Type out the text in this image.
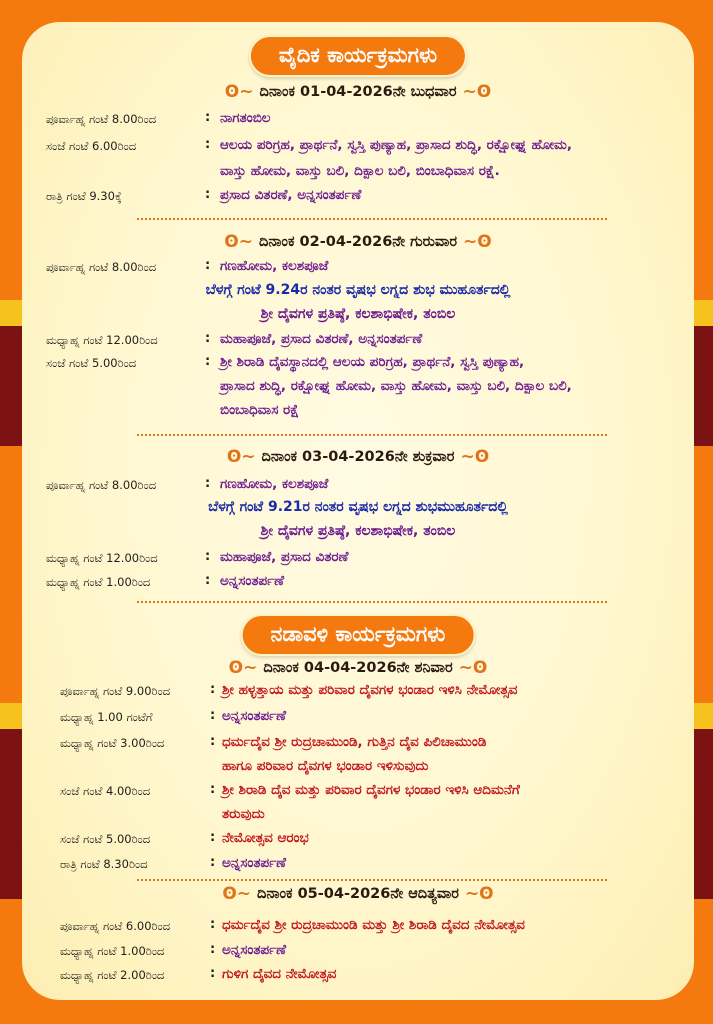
ವೈದಿಕ ಕಾರ್ಯಕ್ರಮಗಳು
ʘ~ ದಿನಾಂಕ 01-04-2026ನೇ ಬುಧವಾರ ~ʘ
ಪೂರ್ವಾಹ್ನ ಗಂಟೆ 8.00ರಿಂದ	: ನಾಗತಂಬಿಲ
ಸಂಜೆ ಗಂಟೆ 6.00ರಿಂದ	: ಆಲಯ ಪರಿಗ್ರಹ, ಪ್ರಾರ್ಥನೆ, ಸ್ವಸ್ತಿ ಪುಣ್ಯಾಹ, ಪ್ರಾಸಾದ ಶುದ್ಧಿ, ರಕ್ಷೋಘ್ನ ಹೋಮ,
ವಾಸ್ತು ಹೋಮ, ವಾಸ್ತು ಬಲಿ, ದಿಕ್ಪಾಲ ಬಲಿ, ಬಿಂಬಾಧಿವಾಸ ರಕ್ಷೆ.
ರಾತ್ರಿ ಗಂಟೆ 9.30ಕ್ಕೆ	: ಪ್ರಸಾದ ವಿತರಣೆ, ಅನ್ನಸಂತರ್ಪಣೆ
ʘ~ ದಿನಾಂಕ 02-04-2026ನೇ ಗುರುವಾರ ~ʘ
ಪೂರ್ವಾಹ್ನ ಗಂಟೆ 8.00ರಿಂದ	: ಗಣಹೋಮ, ಕಲಶಪೂಜೆ
ಬೆಳಗ್ಗೆ ಗಂಟೆ 9.24ರ ನಂತರ ವೃಷಭ ಲಗ್ನದ ಶುಭ ಮುಹೂರ್ತದಲ್ಲಿ
ಶ್ರೀ ದೈವಗಳ ಪ್ರತಿಷ್ಠೆ, ಕಲಶಾಭಿಷೇಕ, ತಂಬಿಲ
ಮಧ್ಯಾಹ್ನ ಗಂಟೆ 12.00ರಿಂದ	: ಮಹಾಪೂಜೆ, ಪ್ರಸಾದ ವಿತರಣೆ, ಅನ್ನಸಂತರ್ಪಣೆ
ಸಂಜೆ ಗಂಟೆ 5.00ರಿಂದ	: ಶ್ರೀ ಶಿರಾಡಿ ದೈವಸ್ಥಾನದಲ್ಲಿ ಆಲಯ ಪರಿಗ್ರಹ, ಪ್ರಾರ್ಥನೆ, ಸ್ವಸ್ತಿ ಪುಣ್ಯಾಹ,
ಪ್ರಾಸಾದ ಶುದ್ಧಿ, ರಕ್ಷೋಘ್ನ ಹೋಮ, ವಾಸ್ತು ಹೋಮ, ವಾಸ್ತು ಬಲಿ, ದಿಕ್ಪಾಲ ಬಲಿ,
ಬಿಂಬಾಧಿವಾಸ ರಕ್ಷೆ
ʘ~ ದಿನಾಂಕ 03-04-2026ನೇ ಶುಕ್ರವಾರ ~ʘ
ಪೂರ್ವಾಹ್ನ ಗಂಟೆ 8.00ರಿಂದ	: ಗಣಹೋಮ, ಕಲಶಪೂಜೆ
ಬೆಳಗ್ಗೆ ಗಂಟೆ 9.21ರ ನಂತರ ವೃಷಭ ಲಗ್ನದ ಶುಭಮುಹೂರ್ತದಲ್ಲಿ
ಶ್ರೀ ದೈವಗಳ ಪ್ರತಿಷ್ಠೆ, ಕಲಶಾಭಿಷೇಕ, ತಂಬಿಲ
ಮಧ್ಯಾಹ್ನ ಗಂಟೆ 12.00ರಿಂದ	: ಮಹಾಪೂಜೆ, ಪ್ರಸಾದ ವಿತರಣೆ
ಮಧ್ಯಾಹ್ನ ಗಂಟೆ 1.00ರಿಂದ	: ಅನ್ನಸಂತರ್ಪಣೆ
ನಡಾವಳಿ ಕಾರ್ಯಕ್ರಮಗಳು
ʘ~ ದಿನಾಂಕ 04-04-2026ನೇ ಶನಿವಾರ ~ʘ
ಪೂರ್ವಾಹ್ನ ಗಂಟೆ 9.00ರಿಂದ	: ಶ್ರೀ ಹಳ್ಳತ್ತಾಯ ಮತ್ತು ಪರಿವಾರ ದೈವಗಳ ಭಂಡಾರ ಇಳಿಸಿ ನೇಮೋತ್ಸವ
ಮಧ್ಯಾಹ್ನ 1.00 ಗಂಟೆಗೆ	: ಅನ್ನಸಂತರ್ಪಣೆ
ಮಧ್ಯಾಹ್ನ ಗಂಟೆ 3.00ರಿಂದ	: ಧರ್ಮದೈವ ಶ್ರೀ ರುದ್ರಚಾಮುಂಡಿ, ಗುತ್ತಿನ ದೈವ ಪಿಲಿಚಾಮುಂಡಿ
ಹಾಗೂ ಪರಿವಾರ ದೈವಗಳ ಭಂಡಾರ ಇಳಿಸುವುದು
ಸಂಜೆ ಗಂಟೆ 4.00ರಿಂದ	: ಶ್ರೀ ಶಿರಾಡಿ ದೈವ ಮತ್ತು ಪರಿವಾರ ದೈವಗಳ ಭಂಡಾರ ಇಳಿಸಿ ಆದಿಮನೆಗೆ
ತರುವುದು
ಸಂಜೆ ಗಂಟೆ 5.00ರಿಂದ	: ನೇಮೋತ್ಸವ ಆರಂಭ
ರಾತ್ರಿ ಗಂಟೆ 8.30ರಿಂದ	: ಅನ್ನಸಂತರ್ಪಣೆ
ʘ~ ದಿನಾಂಕ 05-04-2026ನೇ ಆದಿತ್ಯವಾರ ~ʘ
ಪೂರ್ವಾಹ್ನ ಗಂಟೆ 6.00ರಿಂದ	: ಧರ್ಮದೈವ ಶ್ರೀ ರುದ್ರಚಾಮುಂಡಿ ಮತ್ತು ಶ್ರೀ ಶಿರಾಡಿ ದೈವದ ನೇಮೋತ್ಸವ
ಮಧ್ಯಾಹ್ನ ಗಂಟೆ 1.00ರಿಂದ	: ಅನ್ನಸಂತರ್ಪಣೆ
ಮಧ್ಯಾಹ್ನ ಗಂಟೆ 2.00ರಿಂದ	: ಗುಳಿಗ ದೈವದ ನೇಮೋತ್ಸವ
